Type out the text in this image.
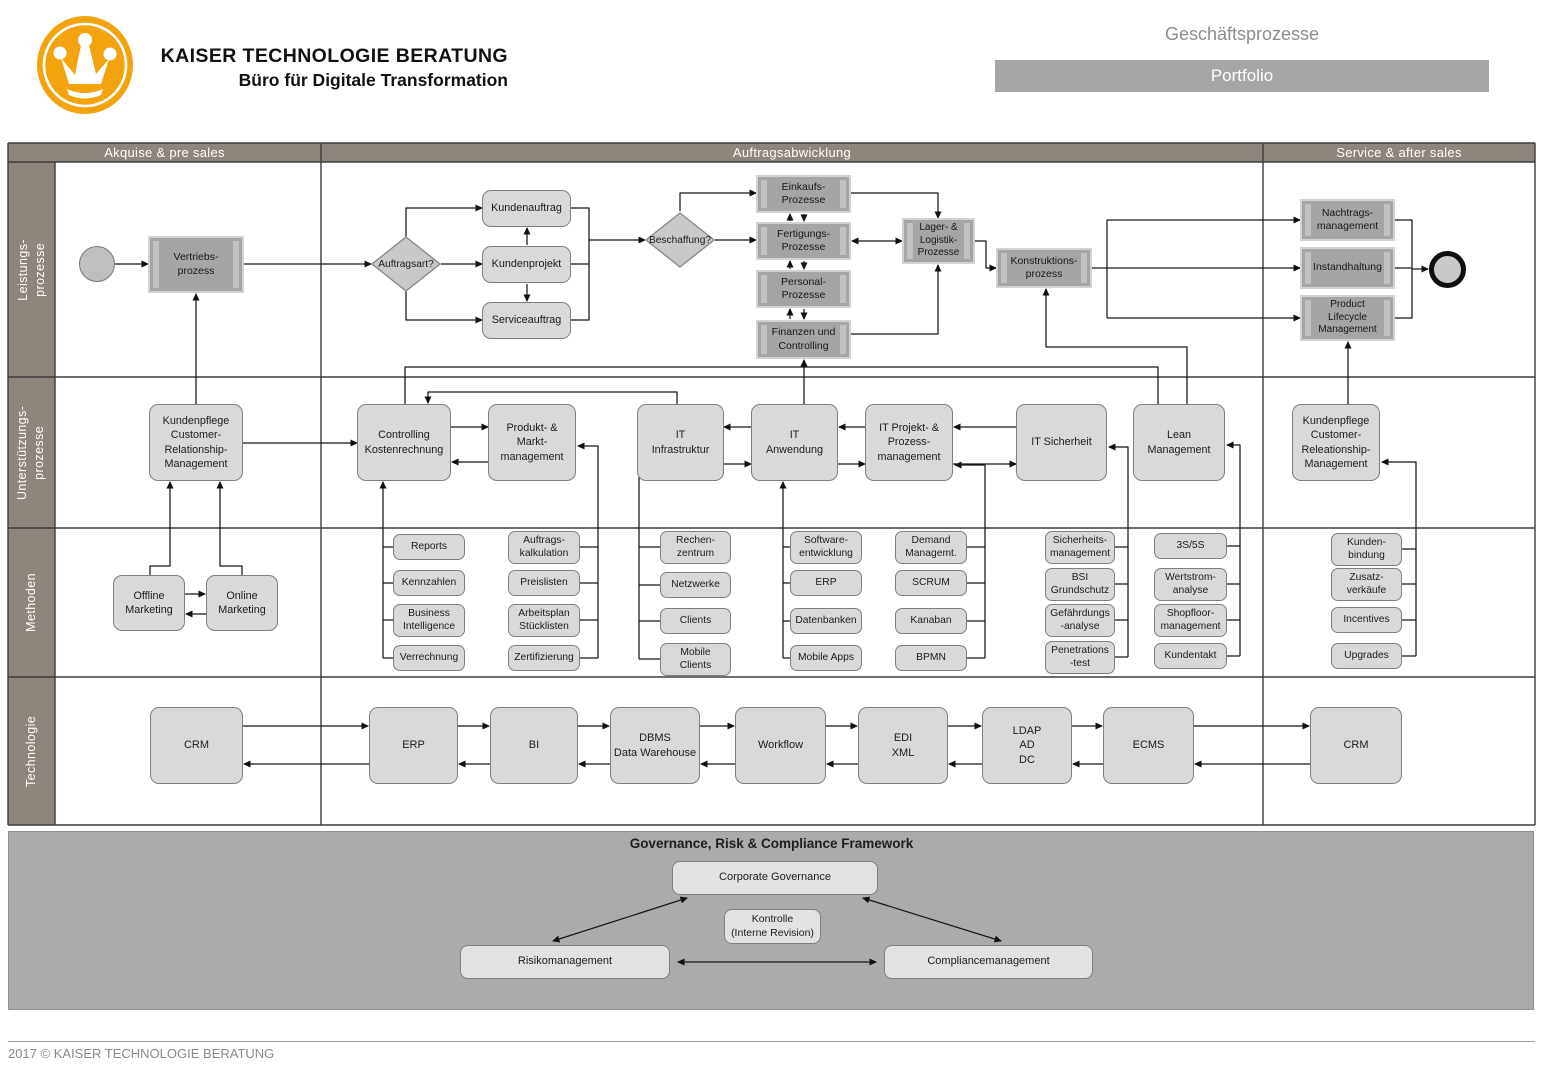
KAISER TECHNOLOGIE BERATUNG
Büro für Digitale Transformation
Geschäftsprozesse
Portfolio
Governance, Risk & Compliance Framework
Akquise & pre sales	Auftragsabwicklung	Service & after sales
Leistungs- prozesse
Unterstützungs- prozesse
Methoden
Technologie
Vertriebs-
prozess
Auftragsart?
Kundenauftrag
Kundenprojekt
Serviceauftrag
Beschaffung?
Einkaufs-
Prozesse
Fertigungs-
Prozesse
Personal-
Prozesse
Finanzen und
Controlling
Lager- &
Logistik-
Prozesse
Konstruktions-
prozess
Nachtrags-
management
Instandhaltung
Product
Lifecycle
Management
Kundenpflege
Customer-
Relationship-
Management
Controlling
Kostenrechnung
Produkt- &
Markt-
management
IT
Infrastruktur
IT
Anwendung
IT Projekt- &
Prozess-
management
IT Sicherheit
Lean
Management
Kundenpflege
Customer-
Releationship-
Management
Offline
Marketing
Online
Marketing
Reports
Kennzahlen
Business
Intelligence
Verrechnung
Auftrags-
kalkulation
Preislisten
Arbeitsplan
Stücklisten
Zertifizierung
Rechen-
zentrum
Netzwerke
Clients
Mobile
Clients
Software-
entwicklung
ERP
Datenbanken
Mobile Apps
Demand
Managemt.
SCRUM
Kanaban
BPMN
Sicherheits-
management
BSI
Grundschutz
Gefährdungs
-analyse
Penetrations
-test
3S/5S
Wertstrom-
analyse
Shopfloor-
management
Kundentakt
Kunden-
bindung
Zusatz-
verkäufe
Incentives
Upgrades
CRM	ERP	BI
DBMS
Data Warehouse
Workflow
EDI
XML
LDAP
AD
DC
ECMS	CRM
Corporate Governance
Kontrolle
(Interne Revision)
Risikomanagement	Compliancemanagement
2017 © KAISER TECHNOLOGIE BERATUNG
